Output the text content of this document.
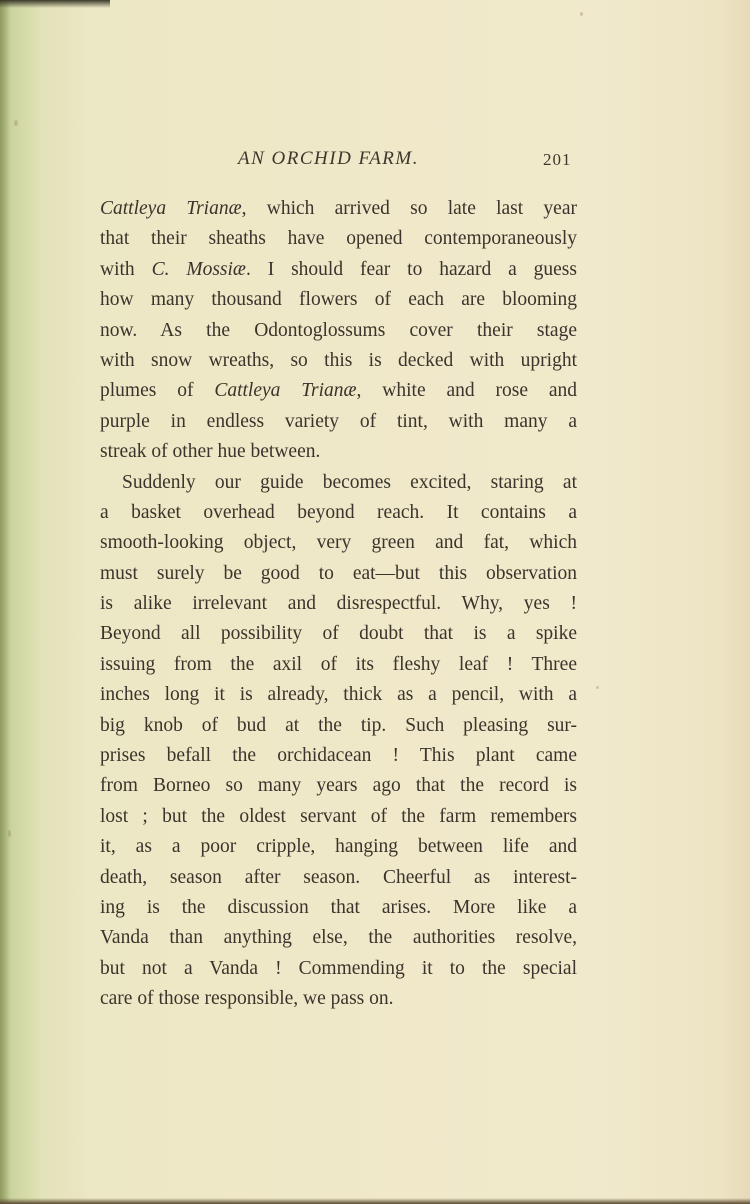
AN ORCHID FARM.	201
Cattleya Trianæ, which arrived so late last year
that their sheaths have opened contemporaneously
with C. Mossiæ. I should fear to hazard a guess
how many thousand flowers of each are blooming
now. As the Odontoglossums cover their stage
with snow wreaths, so this is decked with upright
plumes of Cattleya Trianæ, white and rose and
purple in endless variety of tint, with many a
streak of other hue between.
Suddenly our guide becomes excited, staring at
a basket overhead beyond reach. It contains a
smooth-looking object, very green and fat, which
must surely be good to eat—but this observation
is alike irrelevant and disrespectful. Why, yes !
Beyond all possibility of doubt that is a spike
issuing from the axil of its fleshy leaf ! Three
inches long it is already, thick as a pencil, with a
big knob of bud at the tip. Such pleasing sur-
prises befall the orchidacean ! This plant came
from Borneo so many years ago that the record is
lost ; but the oldest servant of the farm remembers
it, as a poor cripple, hanging between life and
death, season after season. Cheerful as interest-
ing is the discussion that arises. More like a
Vanda than anything else, the authorities resolve,
but not a Vanda ! Commending it to the special
care of those responsible, we pass on.
